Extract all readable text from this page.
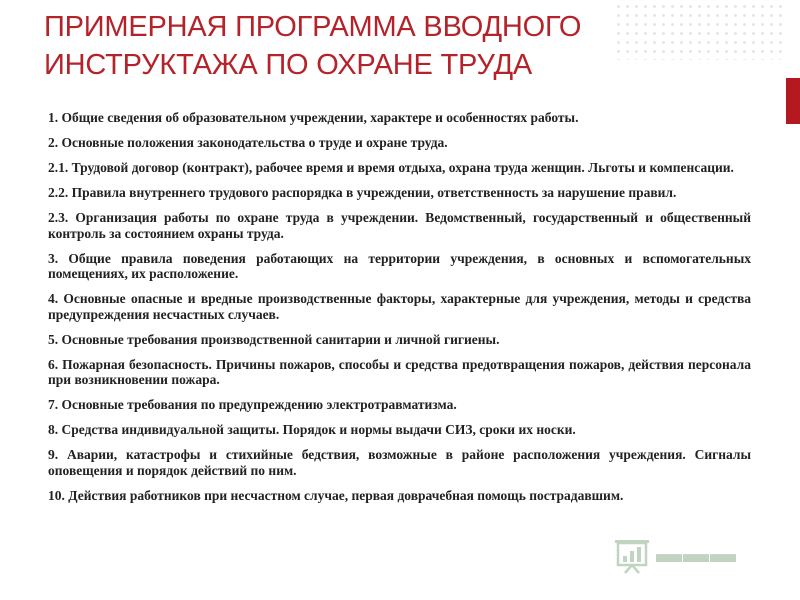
ПРИМЕРНАЯ ПРОГРАММА ВВОДНОГО
ИНСТРУКТАЖА ПО ОХРАНЕ ТРУДА
1. Общие сведения об образовательном учреждении, характере и особенностях работы.
2. Основные положения законодательства о труде и охране труда.
2.1. Трудовой договор (контракт), рабочее время и время отдыха, охрана труда женщин. Льготы и компенсации.
2.2. Правила внутреннего трудового распорядка в учреждении, ответственность за нарушение правил.
2.3. Организация работы по охране труда в учреждении. Ведомственный, государственный и общественный контроль за состоянием охраны труда.
3. Общие правила поведения работающих на территории учреждения, в основных и вспомогательных помещениях, их расположение.
4. Основные опасные и вредные производственные факторы, характерные для учреждения, методы и средства предупреждения несчастных случаев.
5. Основные требования производственной санитарии и личной гигиены.
6. Пожарная безопасность. Причины пожаров, способы и средства предотвращения пожаров, действия персонала при возникновении пожара.
7. Основные требования по предупреждению электротравматизма.
8. Средства индивидуальной защиты. Порядок и нормы выдачи СИЗ, сроки их носки.
9. Аварии, катастрофы и стихийные бедствия, возможные в районе расположения учреждения. Сигналы оповещения и порядок действий по ним.
10. Действия работников при несчастном случае, первая доврачебная помощь пострадавшим.
▬▬▬
